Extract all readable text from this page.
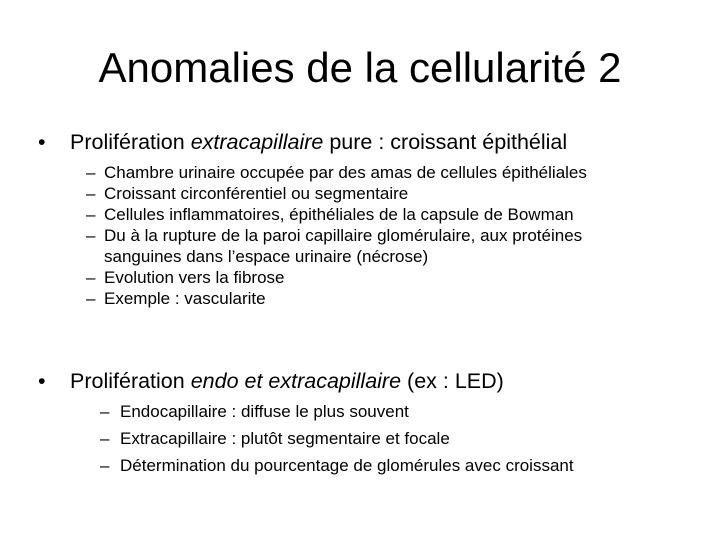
Anomalies de la cellularité 2
•	Prolifération extracapillaire pure : croissant épithélial
– Chambre urinaire occupée par des amas de cellules épithéliales
– Croissant circonférentiel ou segmentaire
– Cellules inflammatoires, épithéliales de la capsule de Bowman
– Du à la rupture de la paroi capillaire glomérulaire, aux protéines sanguines dans l’espace urinaire (nécrose)
– Evolution vers la fibrose
– Exemple : vascularite
•	Prolifération endo et extracapillaire (ex : LED)
– Endocapillaire : diffuse le plus souvent
– Extracapillaire : plutôt segmentaire et focale
– Détermination du pourcentage de glomérules avec croissant
